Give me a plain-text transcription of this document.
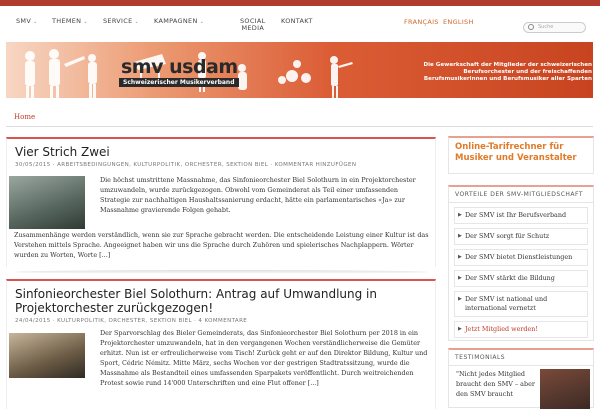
SMV ⌄ THEMEN ⌄ SERVICE ⌄ KAMPAGNEN ⌄	SOCIAL
MEDIA
KONTAKT	FRANÇAIS ENGLISH
Suche
smv usdam
Schweizerischer Musikerverband
Die Gewerkschaft der Mitglieder der schweizerischen Berufsorchester und der freischaffenden Berufsmusikerinnen und Berufsmusiker aller Sparten
Home
Vier Strich Zwei
30/05/2015 · ARBEITSBEDINGUNGEN, KULTURPOLITIK, ORCHESTER, SEKTION BIEL · KOMMENTAR HINZUFÜGEN
Die höchst umstrittene Massnahme, das Sinfonieorchester Biel Solothurn in ein Projektorchester umzuwandeln, wurde zurückgezogen. Obwohl vom Gemeinderat als Teil einer umfassenden Strategie zur nachhaltigen Haushaltssanierung erdacht, hätte ein parlamentarisches «Ja» zur Massnahme gravierende Folgen gehabt.
Zusammenhänge werden verständlich, wenn sie zur Sprache gebracht werden. Die entscheidende Leistung einer Kultur ist das Verstehen mittels Sprache. Angeeignet haben wir uns die Sprache durch Zuhören und spielerisches Nachplappern. Wörter wurden zu Worten, Worte [...]
Sinfonieorchester Biel Solothurn: Antrag auf Umwandlung in Projektorchester zurückgezogen!
24/04/2015 · KULTURPOLITIK, ORCHESTER, SEKTION BIEL · 4 KOMMENTARE
Der Sparvorschlag des Bieler Gemeinderats, das Sinfonieorchester Biel Solothurn per 2018 in ein Projektorchester umzuwandeln, hat in den vergangenen Wochen verständlicherweise die Gemüter erhitzt. Nun ist er erfreulicherweise vom Tisch! Zurück geht er auf den Direktor Bildung, Kultur und Sport, Cédric Némitz. Mitte März, sechs Wochen vor der gestrigen Stadtratssitzung, wurde die Massnahme als Bestandteil eines umfassenden Sparpakets veröffentlicht. Durch weitreichenden Protest sowie rund 14'000 Unterschriften und eine Flut offener [...]
Online-Tarifrechner für Musiker und Veranstalter
VORTEILE DER SMV-MITGLIEDSCHAFT
▶ Der SMV ist Ihr Berufsverband
▶ Der SMV sorgt für Schutz
▶ Der SMV bietet Dienstleistungen
▶ Der SMV stärkt die Bildung
▶ Der SMV ist national und international vernetzt
▶ Jetzt Mitglied werden!
TESTIMONIALS
"Nicht jedes Mitglied braucht den SMV – aber den SMV braucht
